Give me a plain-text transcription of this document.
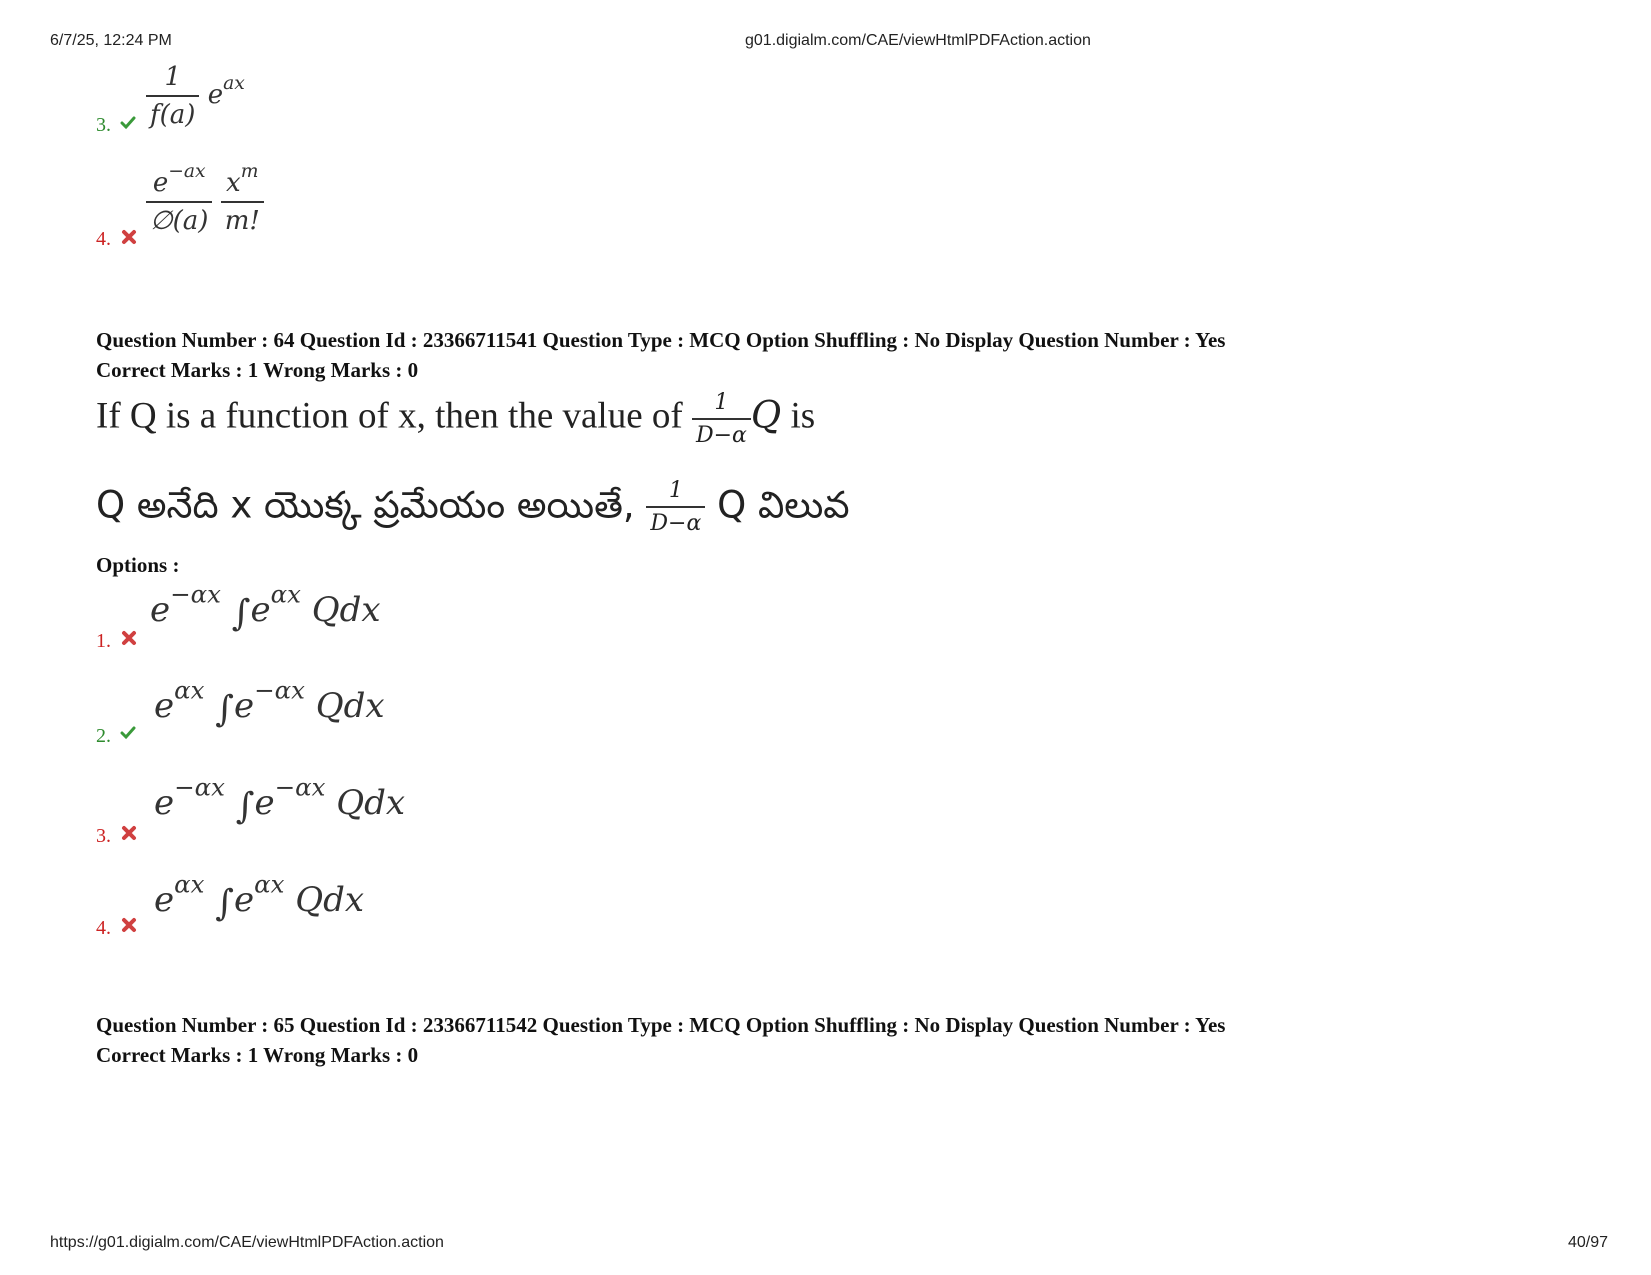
6/7/25, 12:24 PM	g01.digialm.com/CAE/viewHtmlPDFAction.action
3. $\frac{1}{f(a)} e^{ax}$
4.
$\frac{e^{-ax}}{\emptyset(a)}$
$\frac{x^m}{m!}$
Question Number : 64 Question Id : 23366711541 Question Type : MCQ Option Shuffling : No Display Question Number : Yes
Correct Marks : 1 Wrong Marks : 0
If Q is a function of x, then the value of $\frac{1}{D-\alpha}$ Q is
Q అనేది x యొక్క ప్రమేయం అయితే, $\frac{1}{D-\alpha}$ Q విలువ
Options :
1.
$e^{-\alpha x}$ $\int e^{\alpha x}$ Qdx
2.
$e^{\alpha x}$ $\int e^{-\alpha x}$ Qdx
3.
$e^{-\alpha x}$ $\int e^{-\alpha x}$ Qdx
4.
$e^{\alpha x}$ $\int e^{\alpha x}$ Qdx
Question Number : 65 Question Id : 23366711542 Question Type : MCQ Option Shuffling : No Display Question Number : Yes
Correct Marks : 1 Wrong Marks : 0
https://g01.digialm.com/CAE/viewHtmlPDFAction.action	40/97
